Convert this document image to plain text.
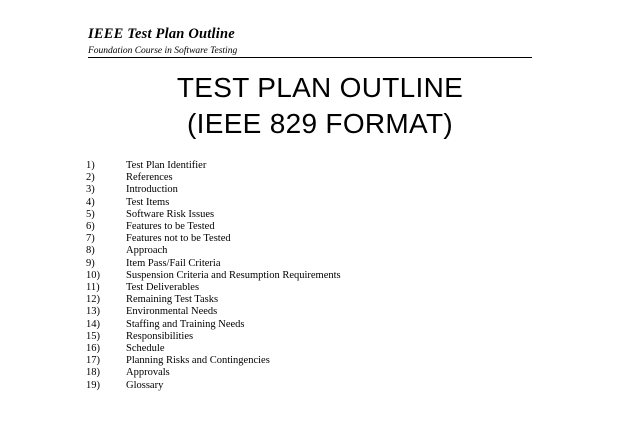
IEEE Test Plan Outline
Foundation Course in Software Testing
TEST PLAN OUTLINE
(IEEE 829 FORMAT)
1)	Test Plan Identifier
2)	References
3)	Introduction
4)	Test Items
5)	Software Risk Issues
6)	Features to be Tested
7)	Features not to be Tested
8)	Approach
9)	Item Pass/Fail Criteria
10)	Suspension Criteria and Resumption Requirements
11)	Test Deliverables
12)	Remaining Test Tasks
13)	Environmental Needs
14)	Staffing and Training Needs
15)	Responsibilities
16)	Schedule
17)	Planning Risks and Contingencies
18)	Approvals
19)	Glossary
